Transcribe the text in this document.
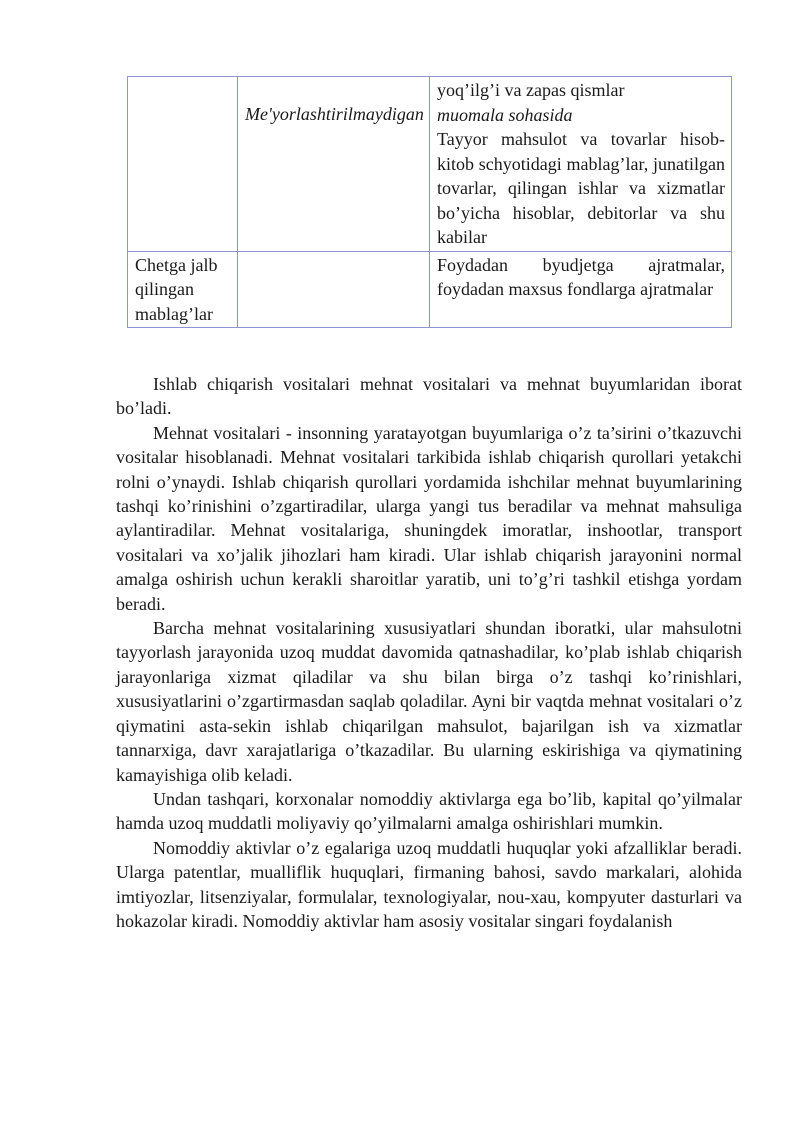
	Me'yorlashtirilmaydigan	yoq’ilg’i va zapas qismlar
muomala sohasida
Tayyor mahsulot va tovarlar hisob-kitob schyotidagi mablag’lar, junatilgan tovarlar, qilingan ishlar va xizmatlar bo’yicha hisoblar, debitorlar va shu kabilar

Chetga jalb qilingan mablag’lar		Foydadan byudjetga ajratmalar, foydadan maxsus fondlarga ajratmalar

Ishlab chiqarish vositalari mehnat vositalari va mehnat buyumlaridan iborat bo’ladi.

Mehnat vositalari - insonning yaratayotgan buyumlariga o’z ta’sirini o’tkazuvchi vositalar hisoblanadi. Mehnat vositalari tarkibida ishlab chiqarish qurollari yetakchi rolni o’ynaydi. Ishlab chiqarish qurollari yordamida ishchilar mehnat buyumlarining tashqi ko’rinishini o’zgartiradilar, ularga yangi tus beradilar va mehnat mahsuliga aylantiradilar. Mehnat vositalariga, shuningdek imoratlar, inshootlar, transport vositalari va xo’jalik jihozlari ham kiradi. Ular ishlab chiqarish jarayonini normal amalga oshirish uchun kerakli sharoitlar yaratib, uni to’g’ri tashkil etishga yordam beradi.

Barcha mehnat vositalarining xususiyatlari shundan iboratki, ular mahsulotni tayyorlash jarayonida uzoq muddat davomida qatnashadilar, ko’plab ishlab chiqarish jarayonlariga xizmat qiladilar va shu bilan birga o’z tashqi ko’rinishlari, xususiyatlarini o’zgartirmasdan saqlab qoladilar. Ayni bir vaqtda mehnat vositalari o’z qiymatini asta-sekin ishlab chiqarilgan mahsulot, bajarilgan ish va xizmatlar tannarxiga, davr xarajatlariga o’tkazadilar. Bu ularning eskirishiga va qiymatining kamayishiga olib keladi.

Undan tashqari, korxonalar nomoddiy aktivlarga ega bo’lib, kapital qo’yilmalar hamda uzoq muddatli moliyaviy qo’yilmalarni amalga oshirishlari mumkin.

Nomoddiy aktivlar o’z egalariga uzoq muddatli huquqlar yoki afzalliklar beradi. Ularga patentlar, mualliflik huquqlari, firmaning bahosi, savdo markalari, alohida imtiyozlar, litsenziyalar, formulalar, texnologiyalar, nou-xau, kompyuter dasturlari va hokazolar kiradi. Nomoddiy aktivlar ham asosiy vositalar singari foydalanish
